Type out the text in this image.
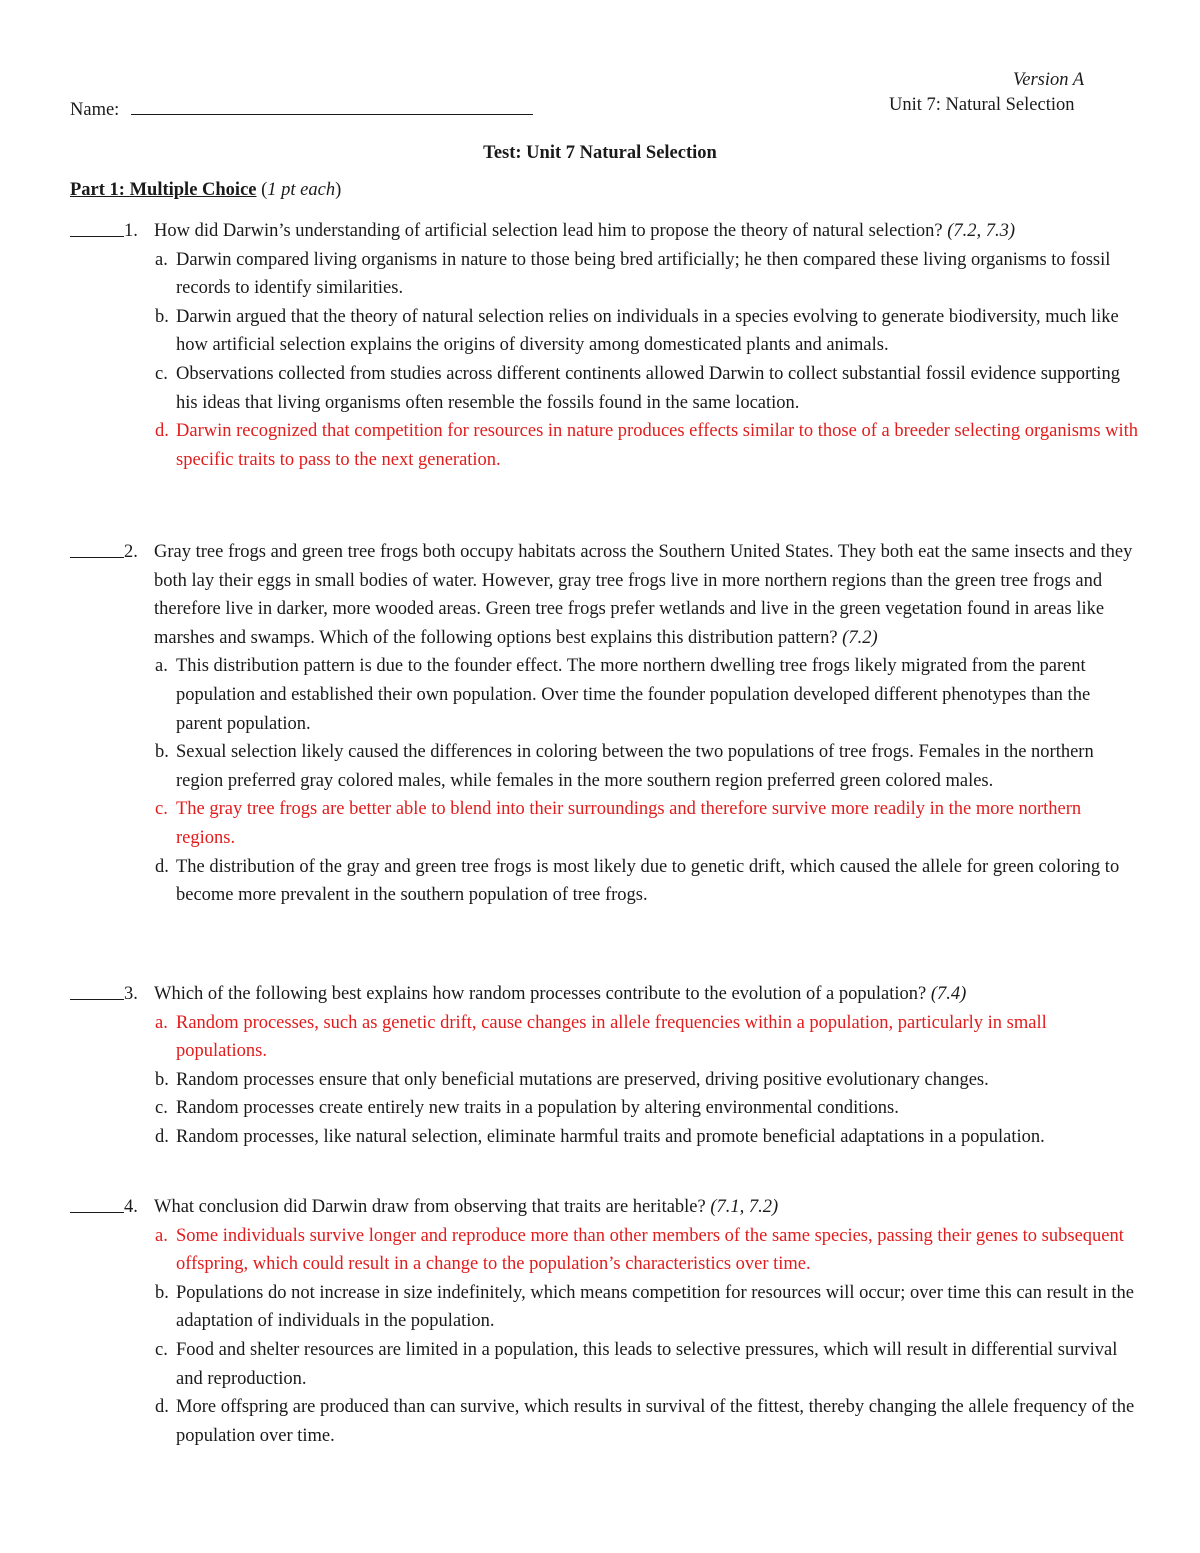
Version A
Name:	Unit 7: Natural Selection
Test: Unit 7 Natural Selection
Part 1: Multiple Choice (1 pt each)
1. How did Darwin’s understanding of artificial selection lead him to propose the theory of natural selection? (7.2, 7.3)
a. Darwin compared living organisms in nature to those being bred artificially; he then compared these living organisms to fossil records to identify similarities.
b. Darwin argued that the theory of natural selection relies on individuals in a species evolving to generate biodiversity, much like how artificial selection explains the origins of diversity among domesticated plants and animals.
c. Observations collected from studies across different continents allowed Darwin to collect substantial fossil evidence supporting his ideas that living organisms often resemble the fossils found in the same location.
d. Darwin recognized that competition for resources in nature produces effects similar to those of a breeder selecting organisms with specific traits to pass to the next generation.
2. Gray tree frogs and green tree frogs both occupy habitats across the Southern United States. They both eat the same insects and they both lay their eggs in small bodies of water. However, gray tree frogs live in more northern regions than the green tree frogs and therefore live in darker, more wooded areas. Green tree frogs prefer wetlands and live in the green vegetation found in areas like marshes and swamps. Which of the following options best explains this distribution pattern? (7.2)
a. This distribution pattern is due to the founder effect. The more northern dwelling tree frogs likely migrated from the parent population and established their own population. Over time the founder population developed different phenotypes than the parent population.
b. Sexual selection likely caused the differences in coloring between the two populations of tree frogs. Females in the northern region preferred gray colored males, while females in the more southern region preferred green colored males.
c. The gray tree frogs are better able to blend into their surroundings and therefore survive more readily in the more northern regions.
d. The distribution of the gray and green tree frogs is most likely due to genetic drift, which caused the allele for green coloring to become more prevalent in the southern population of tree frogs.
3. Which of the following best explains how random processes contribute to the evolution of a population? (7.4)
a. Random processes, such as genetic drift, cause changes in allele frequencies within a population, particularly in small populations.
b. Random processes ensure that only beneficial mutations are preserved, driving positive evolutionary changes.
c. Random processes create entirely new traits in a population by altering environmental conditions.
d. Random processes, like natural selection, eliminate harmful traits and promote beneficial adaptations in a population.
4. What conclusion did Darwin draw from observing that traits are heritable? (7.1, 7.2)
a. Some individuals survive longer and reproduce more than other members of the same species, passing their genes to subsequent offspring, which could result in a change to the population’s characteristics over time.
b. Populations do not increase in size indefinitely, which means competition for resources will occur; over time this can result in the adaptation of individuals in the population.
c. Food and shelter resources are limited in a population, this leads to selective pressures, which will result in differential survival and reproduction.
d. More offspring are produced than can survive, which results in survival of the fittest, thereby changing the allele frequency of the population over time.
